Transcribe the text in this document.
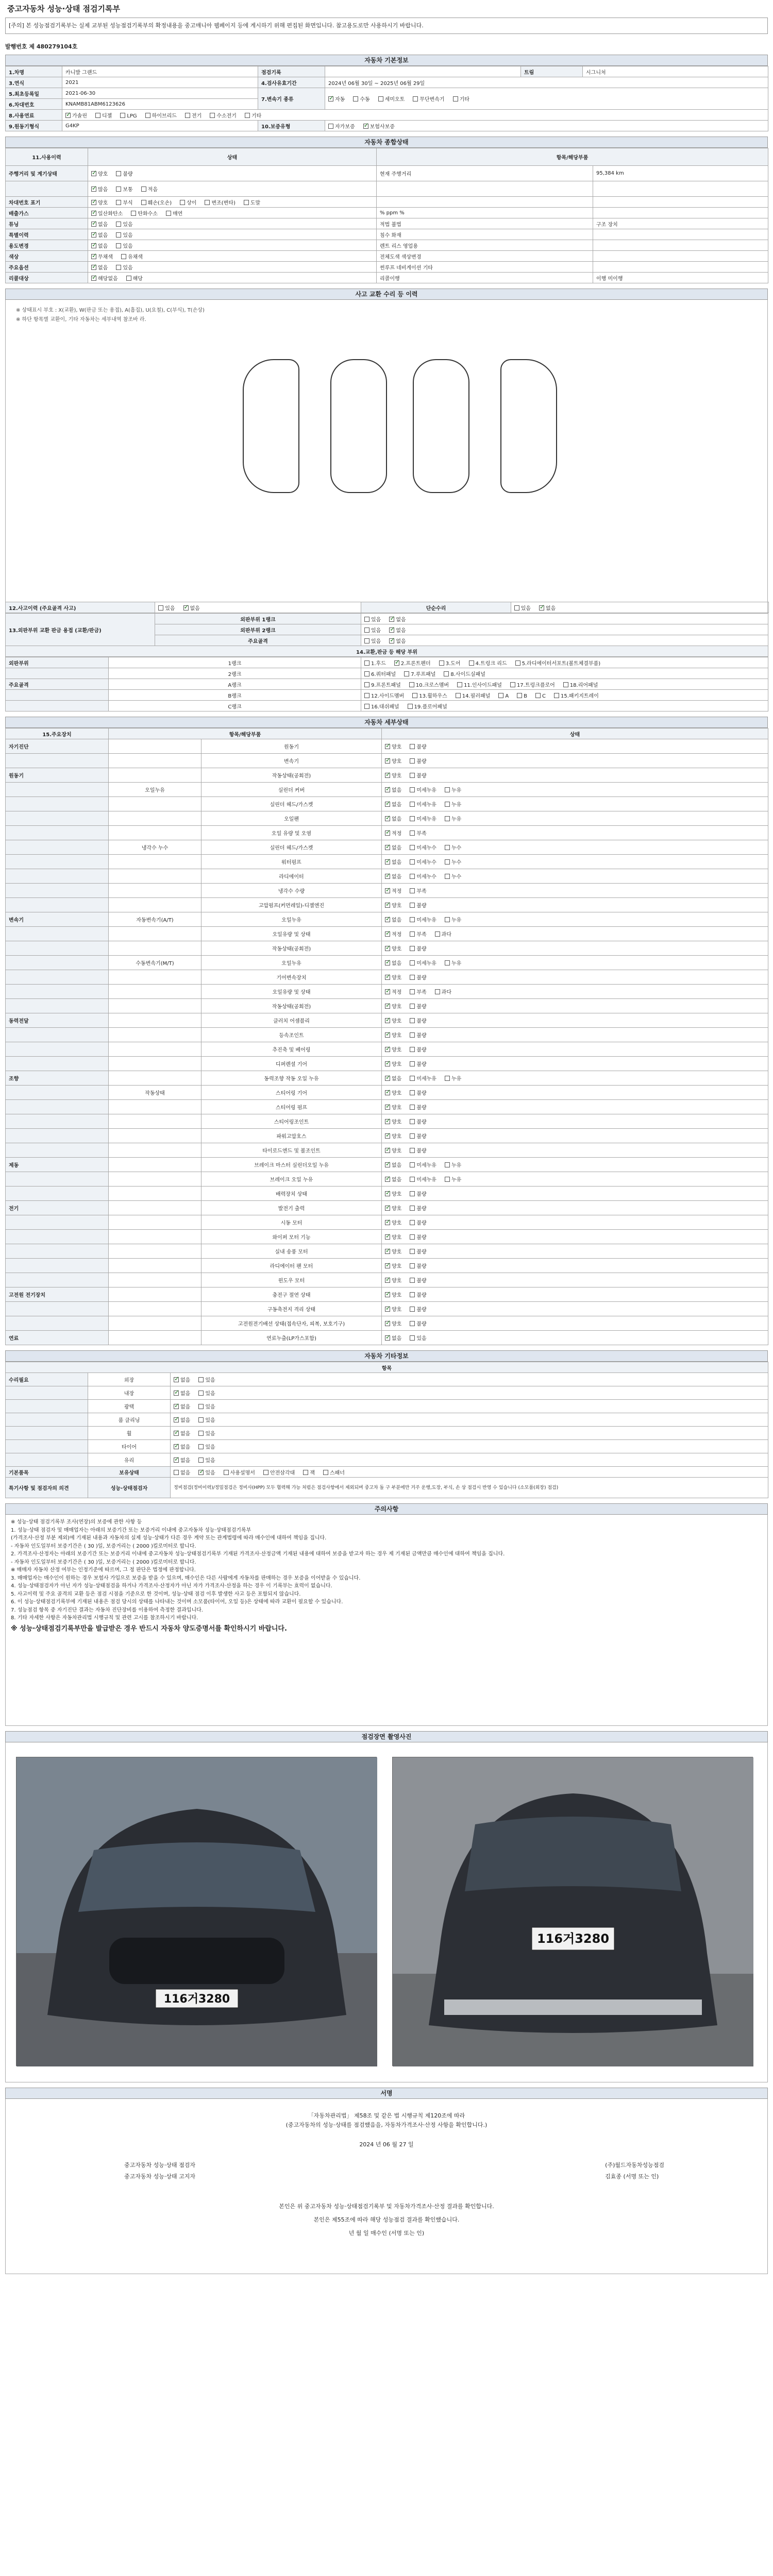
중고자동차 성능·상태 점검기록부
[주의] 본 성능점검기록부는 실제 교부된 성능점검기록부의 확정내용을 중고매니아 웹페이지 등에 게시하기 위해 편집된 화면입니다. 참고용도로만 사용하시기 바랍니다.
발행번호 제 480279104호
자동차 기본정보
1.차명	카니발 그랜드	점검기록		트림	시그니처
3.연식	2021	4.검사유효기간	2024년 06월 30일 ~ 2025년 06월 29일		
5.최초등록일	2021-06-30	7.변속기 종류	✓자동 수동 세미오토 무단변속기 기타
6.차대번호	KNAMB81ABM6123626				
8.사용연료	✓가솔린 디젤 LPG 하이브리드 전기 수소전기 기타
9.원동기형식	G4KP	10.보증유형	자가보증 ✓ 보험사보증
자동차 종합상태
11.사용이력	상태	항목/해당부품	
주행거리 및 계기상태	✓양호 불량	현재 주행거리	95,384 km
	✓많음 보통 적음		
차대번호 표기	✓양호 부식 훼손(오손) 상이 변조(변타) 도말		
배출가스	✓일산화탄소 탄화수소 매연	% ppm %	
튜닝	✓없음 있음	적법 불법	구조 장치
특별이력	✓없음 있음	침수 화재	
용도변경	✓없음 있음	렌트 리스 영업용	
색상	✓무채색 유채색	전체도색 색상변경	
주요옵션	✓없음 있음	썬루프 네비게이션 기타	
리콜대상	✓해당없음 해당	리콜이행	이행 미이행
사고 교환 수리 등 이력
※ 상태표시 부호 : X(교환), W(판금 또는 용접), A(흠집), U(요철), C(부식), T(손상)
※ 하단 항목별 교환이, 기타 자동차는 세부내역 참조바 라.
12.사고이력 (주요골격 사고)	있음 ✓	없음	단순수리	있음 ✓	없음
13.외판부위 교환 판금 용접 (교환/판금)	외판부위 1랭크	있음 ✓ 없음
	외판부위 2랭크	있음 ✓ 없음
	주요골격	있음 ✓ 없음
14.교환,판금 등 해당 부위		
외판부위	1랭크	1.후드 ✓ 2.프론트펜더 3.도어 4.트렁크 리드 5.라디에이터서포트(볼트체결부품)
	2랭크	6.쿼터패널 7.루프패널 8.사이드실패널
주요골격	A랭크	9.프론트패널 10.크로스멤버 11.인사이드패널 17.트렁크플로어 18.리어패널
	B랭크	12.사이드멤버 13.휠하우스 14.필러패널 A B C 15.패키지트레이
	C랭크	16.대쉬패널 19.플로어패널
자동차 세부상태
15.주요장치	항목/해당부품		상태
자기진단		원동기	✓양호 불량
		변속기	✓양호 불량
원동기		작동상태(공회전)	✓양호 불량
	오일누유	실린더 커버	✓없음 미세누유 누유
		실린더 헤드/가스켓	✓없음 미세누유 누유
		오일팬	✓없음 미세누유 누유
		오일 유량 및 오염	✓적정 부족
	냉각수 누수	실린더 헤드/가스켓	✓없음 미세누수 누수
		워터펌프	✓없음 미세누수 누수
		라디에이터	✓없음 미세누수 누수
		냉각수 수량	✓적정 부족
		고압펌프(커먼레일)-디젤엔진	✓양호 불량
변속기	자동변속기(A/T)	오일누유	✓없음 미세누유 누유
		오일유량 및 상태	✓적정 부족 과다
		작동상태(공회전)	✓양호 불량
	수동변속기(M/T)	오일누유	✓없음 미세누유 누유
		기어변속장치	✓양호 불량
		오일유량 및 상태	✓적정 부족 과다
		작동상태(공회전)	✓양호 불량
동력전달		클러치 어셈블리	✓양호 불량
		등속조인트	✓양호 불량
		추진축 및 베어링	✓양호 불량
		디퍼렌셜 기어	✓양호 불량
조향		동력조향 작동 오일 누유	✓없음 미세누유 누유
	작동상태	스티어링 기어	✓양호 불량
		스티어링 펌프	✓양호 불량
		스티어링조인트	✓양호 불량
		파워고압호스	✓양호 불량
		타이로드엔드 및 볼조인트	✓양호 불량
제동		브레이크 마스터 실린더오일 누유	✓없음 미세누유 누유
		브레이크 오일 누유	✓없음 미세누유 누유
		배력장치 상태	✓양호 불량
전기		발전기 출력	✓양호 불량
		시동 모터	✓양호 불량
		와이퍼 모터 기능	✓양호 불량
		실내 송풍 모터	✓양호 불량
		라디에이터 팬 모터	✓양호 불량
		윈도우 모터	✓양호 불량
고전원 전기장치		충전구 절연 상태	✓양호 불량
		구동축전지 격리 상태	✓양호 불량
		고전원전기배선 상태(접속단자, 피복, 보호기구)	✓양호 불량
연료		연료누출(LP가스포함)	✓없음 있음
자동차 기타정보
항목		
수리필요	외장	✓없음 있음
	내장	✓없음 있음
	광택	✓없음 있음
	룸 클리닝	✓없음 있음
	휠	✓없음 있음
	타이어	✓없음 있음
	유리	✓없음 있음
기본품목	보유상태	없음 ✓ 있음 사용설명서 안전삼각대 잭 스패너
특기사항 및 점검자의 의견	성능·상태점검자	정비점검(정비이력)/정밀점검은 정비사(HPP) 모두 협력해 가능 처럼은 점검사항에서 제외되며 중고차 돌 구 부분에만 거주 운행,도장, 부식, 손 상 점검시 반영 수 있습니다 (소모품(외장) 점검)
주의사항

※ 성능·상태 점검기록부 조사(연장)의 보증에 관한 사항 등

1. 성능·상태 점검자 및 매매업자는 아래의 보증기간 또는 보증거리 이내에 중고자동차 성능·상태점검기록부

(가격조사·산정 부분 제외)에 기재된 내용과 자동차의 실제 성능·상태가 다른 경우 계약 또는 관계법령에 따라 매수인에 대하여 책임을 집니다.

- 자동차 인도일부터 보증기간은 ( 30 )일, 보증거리는 ( 2000 )킬로미터로 합니다.

2. 가격조사·산정자는 아래의 보증기간 또는 보증거리 이내에 중고자동차 성능·상태점검기록부 기재된 가격조사·산정금액 기재된 내용에 대하여 보증을 받고자 하는 경우 제 기재된 금액만큼 매수인에 대하여 책임을 집니다.

- 자동차 인도일부터 보증기간은 ( 30 )일, 보증거리는 ( 2000 )킬로미터로 합니다.

※ 매매자 자동차 산정 여부는 인정기준에 따르며, 그 정 판단은 법정에 판정합니다.

3. 매매업자는 매수인이 원하는 경우 보험사 가입으로 보증을 받을 수 있으며, 매수인은 다른 사람에게 자동차를 판매하는 경우 보증을 이어받을 수 있습니다.

4. 성능·상태점검자가 아닌 자가 성능·상태점검을 하거나 가격조사·산정자가 아닌 자가 가격조사·산정을 하는 경우 이 기록부는 효력이 없습니다.

5. 사고이력 및 주요 골격의 교환 등은 점검 시점을 기준으로 한 것이며, 성능·상태 점검 이후 발생한 사고 등은 포함되지 않습니다.

6. 이 성능·상태점검기록부에 기재된 내용은 점검 당시의 상태를 나타내는 것이며 소모품(타이어, 오일 등)은 상태에 따라 교환이 필요할 수 있습니다.

7. 성능점검 항목 중 자기진단 결과는 자동차 진단장비를 이용하여 측정한 결과입니다.

8. 기타 자세한 사항은 자동차관리법 시행규칙 및 관련 고시를 참조하시기 바랍니다.

※ 성능·상태점검기록부만을 발급받은 경우 반드시 자동차 양도증명서를 확인하시기 바랍니다.

점검장면 촬영사진
116거3280
116거3280
서명
「자동차관리법」 제58조 및 같은 법 시행규칙 제120조에 따라
(중고자동차의 성능·상태를 점검했음을, 자동차가격조사·산정 사항을 확인합니다.)
2024 년 06 월 27 일
중고자동차 성능·상태 점검자
중고자동차 성능·상태 고지자
(주)월드자동차성능점검
김효종 (서명 또는 인)
본인은 위 중고자동차 성능·상태점검기록부 및 자동차가격조사·산정 결과를 확인합니다.
본인은 제55조에 따라 해당 성능점검 결과를 확인했습니다.
년 월 일 매수인 (서명 또는 인)
